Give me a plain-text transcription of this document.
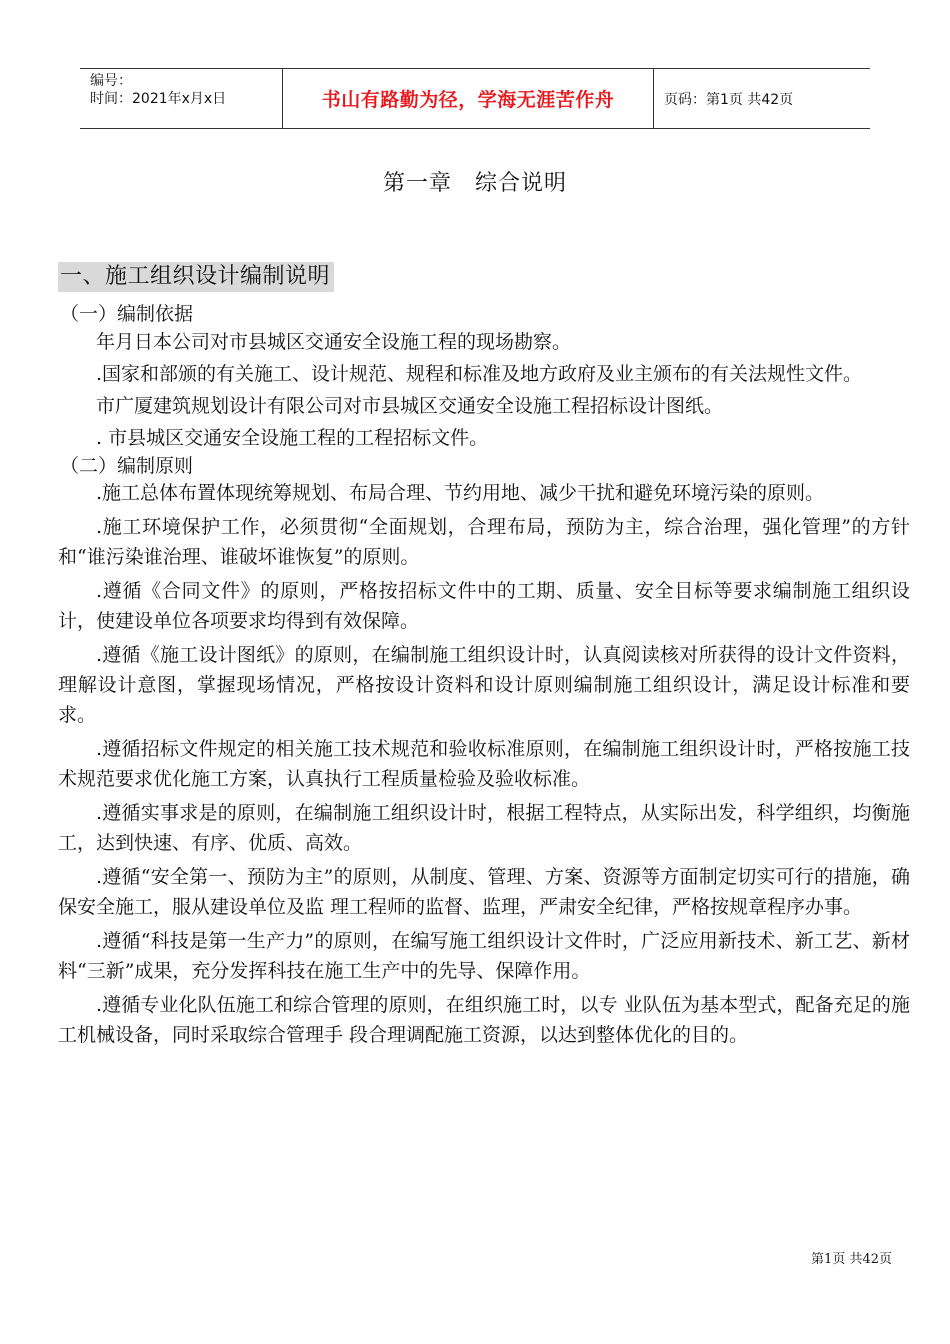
编号：
时间：2021年x月x日	书山有路勤为径，学海无涯苦作舟	页码：第1页 共42页
第一章　综合说明
一、施工组织设计编制说明
（一）编制依据

年月日本公司对市县城区交通安全设施工程的现场勘察。

.国家和部颁的有关施工、设计规范、规程和标准及地方政府及业主颁布的有关法规性文件。

市广厦建筑规划设计有限公司对市县城区交通安全设施工程招标设计图纸。

. 市县城区交通安全设施工程的工程招标文件。

（二）编制原则

.施工总体布置体现统筹规划、布局合理、节约用地、减少干扰和避免环境污染的原则。

.施工环境保护工作，必须贯彻“全面规划，合理布局，预防为主，综合治理，强化管理”的方针和“谁污染谁治理、谁破坏谁恢复”的原则。

.遵循《合同文件》的原则，严格按招标文件中的工期、质量、安全目标等要求编制施工组织设计，使建设单位各项要求均得到有效保障。

.遵循《施工设计图纸》的原则，在编制施工组织设计时，认真阅读核对所获得的设计文件资料，理解设计意图，掌握现场情况，严格按设计资料和设计原则编制施工组织设计，满足设计标准和要求。

.遵循招标文件规定的相关施工技术规范和验收标准原则，在编制施工组织设计时，严格按施工技术规范要求优化施工方案，认真执行工程质量检验及验收标准。

.遵循实事求是的原则，在编制施工组织设计时，根据工程特点，从实际出发，科学组织，均衡施工，达到快速、有序、优质、高效。

.遵循“安全第一、预防为主”的原则，从制度、管理、方案、资源等方面制定切实可行的措施，确保安全施工，服从建设单位及监 理工程师的监督、监理，严肃安全纪律，严格按规章程序办事。

.遵循“科技是第一生产力”的原则，在编写施工组织设计文件时，广泛应用新技术、新工艺、新材料“三新”成果，充分发挥科技在施工生产中的先导、保障作用。

.遵循专业化队伍施工和综合管理的原则，在组织施工时，以专 业队伍为基本型式，配备充足的施工机械设备，同时采取综合管理手 段合理调配施工资源，以达到整体优化的目的。

第1页 共42页
